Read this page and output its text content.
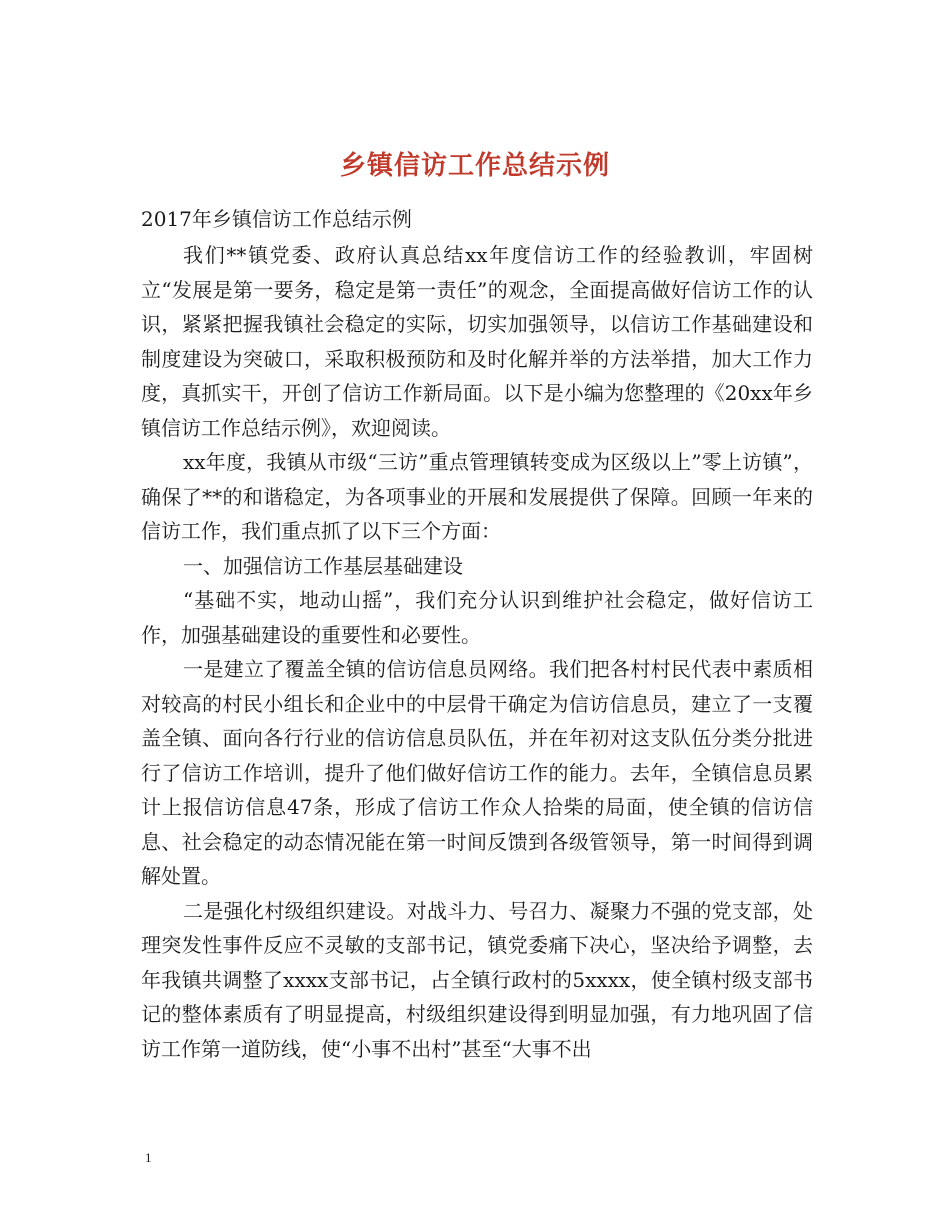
乡镇信访工作总结示例

2017年乡镇信访工作总结示例

我们**镇党委、政府认真总结xx年度信访工作的经验教训，牢固树立“发展是第一要务，稳定是第一责任”的观念，全面提高做好信访工作的认识，紧紧把握我镇社会稳定的实际，切实加强领导，以信访工作基础建设和制度建设为突破口，采取积极预防和及时化解并举的方法举措，加大工作力度，真抓实干，开创了信访工作新局面。以下是小编为您整理的《20xx年乡镇信访工作总结示例》，欢迎阅读。

xx年度，我镇从市级“三访”重点管理镇转变成为区级以上”零上访镇”，确保了**的和谐稳定，为各项事业的开展和发展提供了保障。回顾一年来的信访工作，我们重点抓了以下三个方面：

一、加强信访工作基层基础建设

“基础不实，地动山摇”，我们充分认识到维护社会稳定，做好信访工作，加强基础建设的重要性和必要性。

一是建立了覆盖全镇的信访信息员网络。我们把各村村民代表中素质相对较高的村民小组长和企业中的中层骨干确定为信访信息员，建立了一支覆盖全镇、面向各行行业的信访信息员队伍，并在年初对这支队伍分类分批进行了信访工作培训，提升了他们做好信访工作的能力。去年，全镇信息员累计上报信访信息47条，形成了信访工作众人拾柴的局面，使全镇的信访信息、社会稳定的动态情况能在第一时间反馈到各级管领导，第一时间得到调解处置。

二是强化村级组织建设。对战斗力、号召力、凝聚力不强的党支部，处理突发性事件反应不灵敏的支部书记，镇党委痛下决心，坚决给予调整，去年我镇共调整了xxxx支部书记，占全镇行政村的5xxxx，使全镇村级支部书记的整体素质有了明显提高，村级组织建设得到明显加强，有力地巩固了信访工作第一道防线，使“小事不出村”甚至“大事不出

1
